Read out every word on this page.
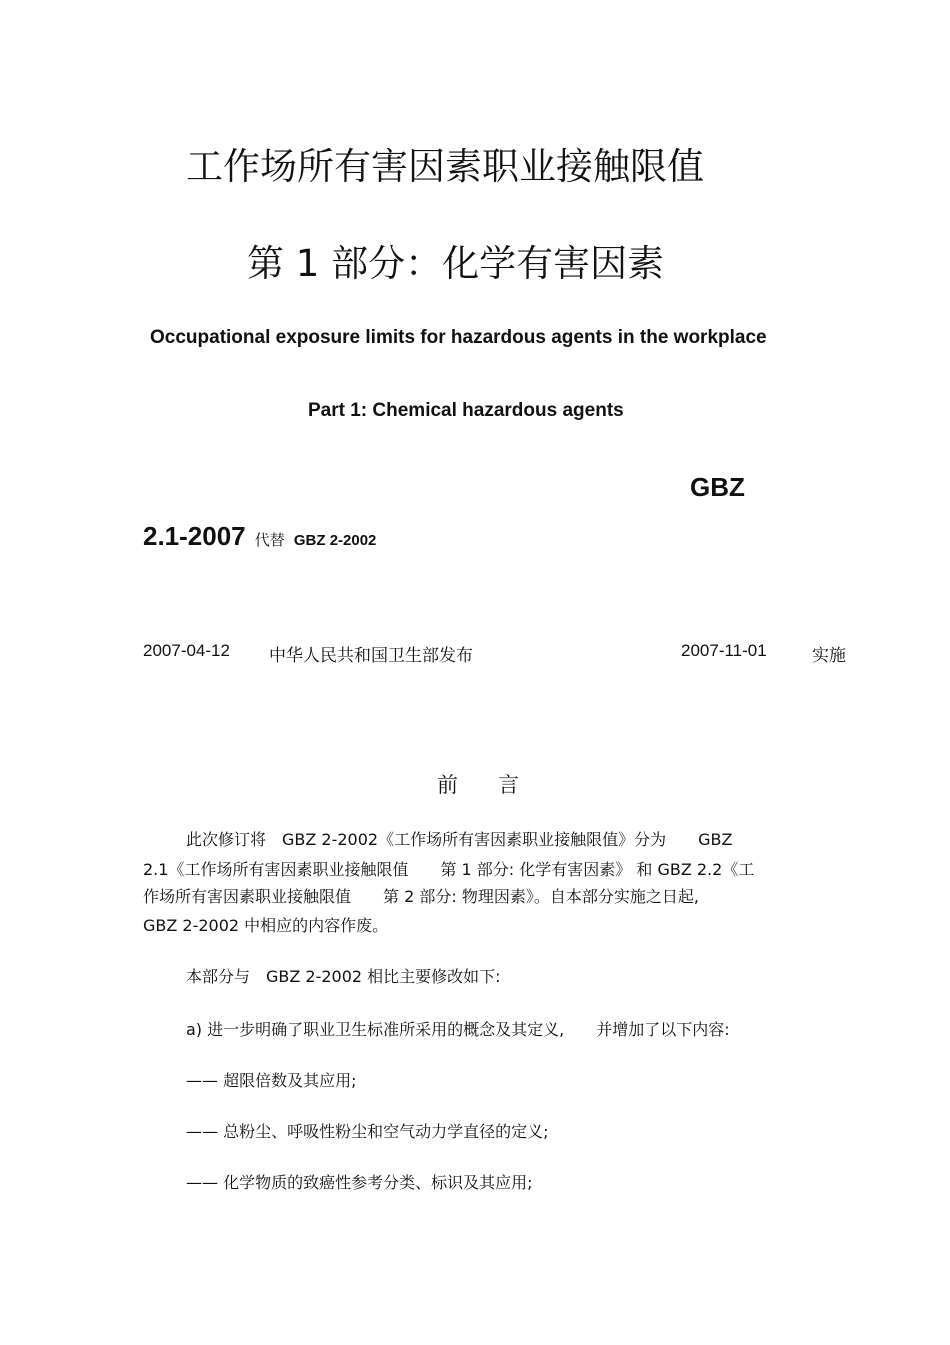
工作场所有害因素职业接触限值
第 1 部分：化学有害因素
Occupational exposure limits for hazardous agents in the workplace
Part 1: Chemical hazardous agents
GBZ
2.1-2007 代替 GBZ 2-2002
2007-04-12 中华人民共和国卫生部发布	2007-11-01	实施
前言
此次修订将　GBZ 2-2002《工作场所有害因素职业接触限值》分为　　GBZ
2.1《工作场所有害因素职业接触限值　　第 1 部分: 化学有害因素》 和 GBZ 2.2《工
作场所有害因素职业接触限值　　第 2 部分: 物理因素》。自本部分实施之日起,
GBZ 2-2002 中相应的内容作废。
本部分与　GBZ 2-2002 相比主要修改如下:
a) 进一步明确了职业卫生标准所采用的概念及其定义,　　并增加了以下内容:
—— 超限倍数及其应用;
—— 总粉尘、呼吸性粉尘和空气动力学直径的定义;
—— 化学物质的致癌性参考分类、标识及其应用;
